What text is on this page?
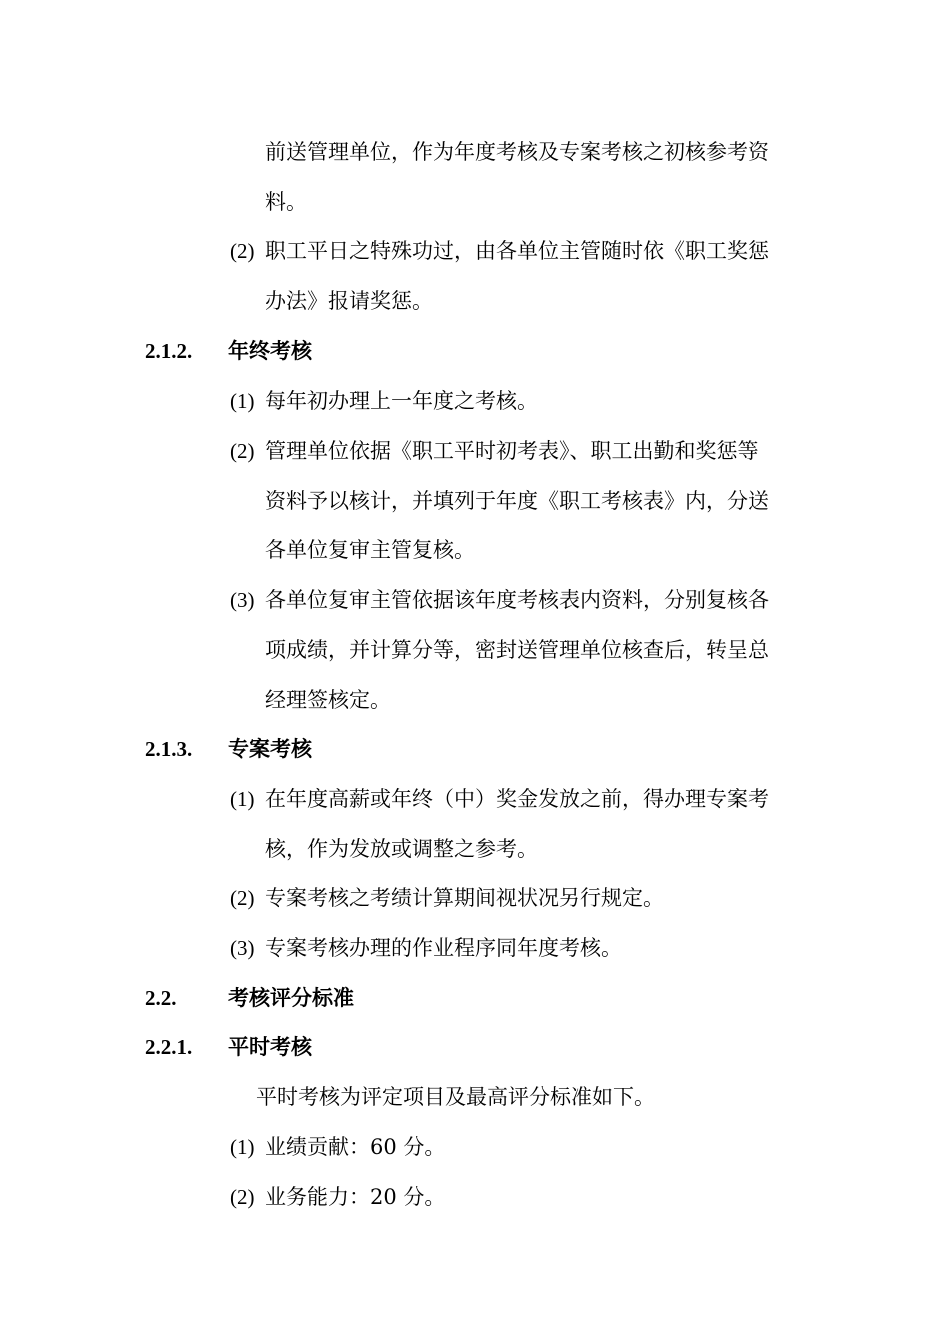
前送管理单位，作为年度考核及专案考核之初核参考资
料。
(2) 职工平日之特殊功过，由各单位主管随时依《职工奖惩
办法》报请奖惩。
2.1.2. 年终考核
(1) 每年初办理上一年度之考核。
(2) 管理单位依据《职工平时初考表》、职工出勤和奖惩等
资料予以核计，并填列于年度《职工考核表》内，分送
各单位复审主管复核。
(3) 各单位复审主管依据该年度考核表内资料，分别复核各
项成绩，并计算分等，密封送管理单位核查后，转呈总
经理签核定。
2.1.3. 专案考核
(1) 在年度高薪或年终（中）奖金发放之前，得办理专案考
核，作为发放或调整之参考。
(2) 专案考核之考绩计算期间视状况另行规定。
(3) 专案考核办理的作业程序同年度考核。
2.2. 考核评分标准
2.2.1. 平时考核
平时考核为评定项目及最高评分标准如下。
(1) 业绩贡献：60 分。
(2) 业务能力：20 分。
